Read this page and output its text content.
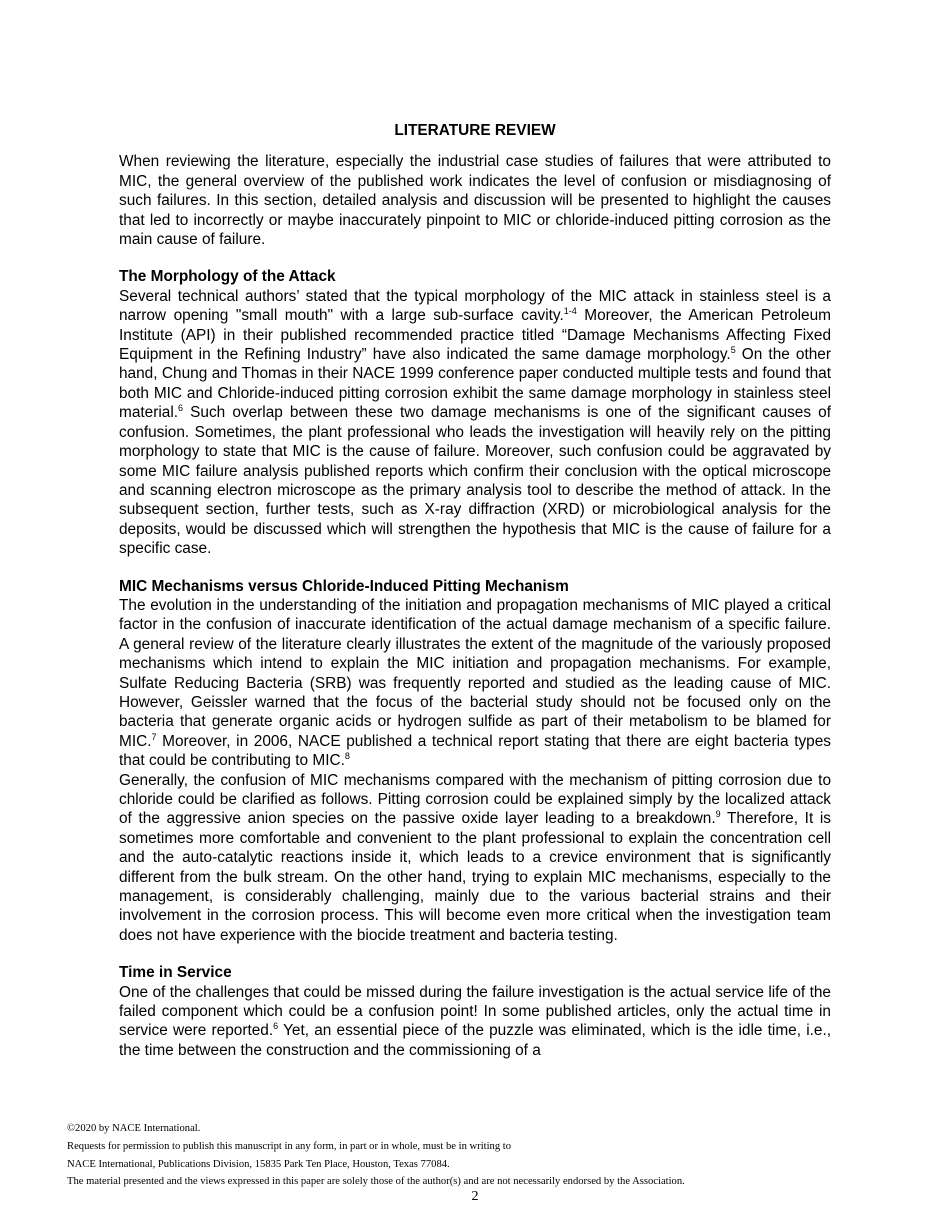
LITERATURE REVIEW

When reviewing the literature, especially the industrial case studies of failures that were attributed to MIC, the general overview of the published work indicates the level of confusion or misdiagnosing of such failures. In this section, detailed analysis and discussion will be presented to highlight the causes that led to incorrectly or maybe inaccurately pinpoint to MIC or chloride-induced pitting corrosion as the main cause of failure.

The Morphology of the Attack

Several technical authors’ stated that the typical morphology of the MIC attack in stainless steel is a narrow opening "small mouth" with a large sub-surface cavity.$^{1-4}$ Moreover, the American Petroleum Institute (API) in their published recommended practice titled “Damage Mechanisms Affecting Fixed Equipment in the Refining Industry” have also indicated the same damage morphology.$^5$ On the other hand, Chung and Thomas in their NACE 1999 conference paper conducted multiple tests and found that both MIC and Chloride-induced pitting corrosion exhibit the same damage morphology in stainless steel material.$^6$ Such overlap between these two damage mechanisms is one of the significant causes of confusion. Sometimes, the plant professional who leads the investigation will heavily rely on the pitting morphology to state that MIC is the cause of failure. Moreover, such confusion could be aggravated by some MIC failure analysis published reports which confirm their conclusion with the optical microscope and scanning electron microscope as the primary analysis tool to describe the method of attack. In the subsequent section, further tests, such as X-ray diffraction (XRD) or microbiological analysis for the deposits, would be discussed which will strengthen the hypothesis that MIC is the cause of failure for a specific case.

MIC Mechanisms versus Chloride-Induced Pitting Mechanism

The evolution in the understanding of the initiation and propagation mechanisms of MIC played a critical factor in the confusion of inaccurate identification of the actual damage mechanism of a specific failure. A general review of the literature clearly illustrates the extent of the magnitude of the variously proposed mechanisms which intend to explain the MIC initiation and propagation mechanisms. For example, Sulfate Reducing Bacteria (SRB) was frequently reported and studied as the leading cause of MIC. However, Geissler warned that the focus of the bacterial study should not be focused only on the bacteria that generate organic acids or hydrogen sulfide as part of their metabolism to be blamed for MIC.$^7$ Moreover, in 2006, NACE published a technical report stating that there are eight bacteria types that could be contributing to MIC.$^8$

Generally, the confusion of MIC mechanisms compared with the mechanism of pitting corrosion due to chloride could be clarified as follows. Pitting corrosion could be explained simply by the localized attack of the aggressive anion species on the passive oxide layer leading to a breakdown.$^9$ Therefore, It is sometimes more comfortable and convenient to the plant professional to explain the concentration cell and the auto-catalytic reactions inside it, which leads to a crevice environment that is significantly different from the bulk stream. On the other hand, trying to explain MIC mechanisms, especially to the management, is considerably challenging, mainly due to the various bacterial strains and their involvement in the corrosion process. This will become even more critical when the investigation team does not have experience with the biocide treatment and bacteria testing.

Time in Service

One of the challenges that could be missed during the failure investigation is the actual service life of the failed component which could be a confusion point! In some published articles, only the actual time in service were reported.$^6$ Yet, an essential piece of the puzzle was eliminated, which is the idle time, i.e., the time between the construction and the commissioning of a

©2020 by NACE International.
Requests for permission to publish this manuscript in any form, in part or in whole, must be in writing to
NACE International, Publications Division, 15835 Park Ten Place, Houston, Texas 77084.
The material presented and the views expressed in this paper are solely those of the author(s) and are not necessarily endorsed by the Association.
2
